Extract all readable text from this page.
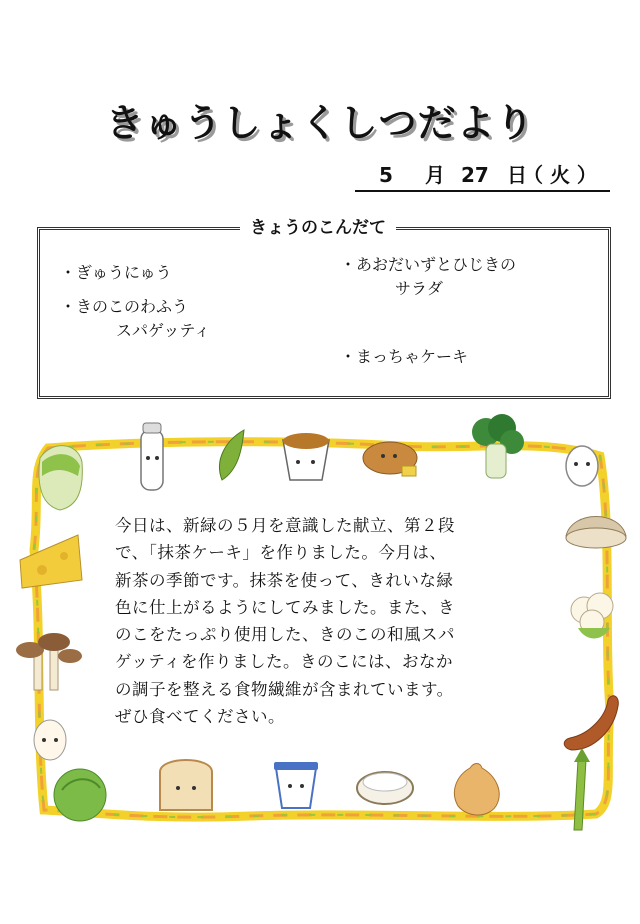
きゅうしょくしつだより

5

月

27

日

（ 火 ）

きょうのこんだて
・ぎゅうにゅう
・きのこのわふう
スパゲッティ
・あおだいずとひじきの
サラダ
・まっちゃケーキ
今日は、新緑の５月を意識した献立、第２段
で、「抹茶ケーキ」を作りました。今月は、
新茶の季節です。抹茶を使って、きれいな緑
色に仕上がるようにしてみました。また、き
のこをたっぷり使用した、きのこの和風スパ
ゲッティを作りました。きのこには、おなか
の調子を整える食物繊維が含まれています。
ぜひ食べてください。
